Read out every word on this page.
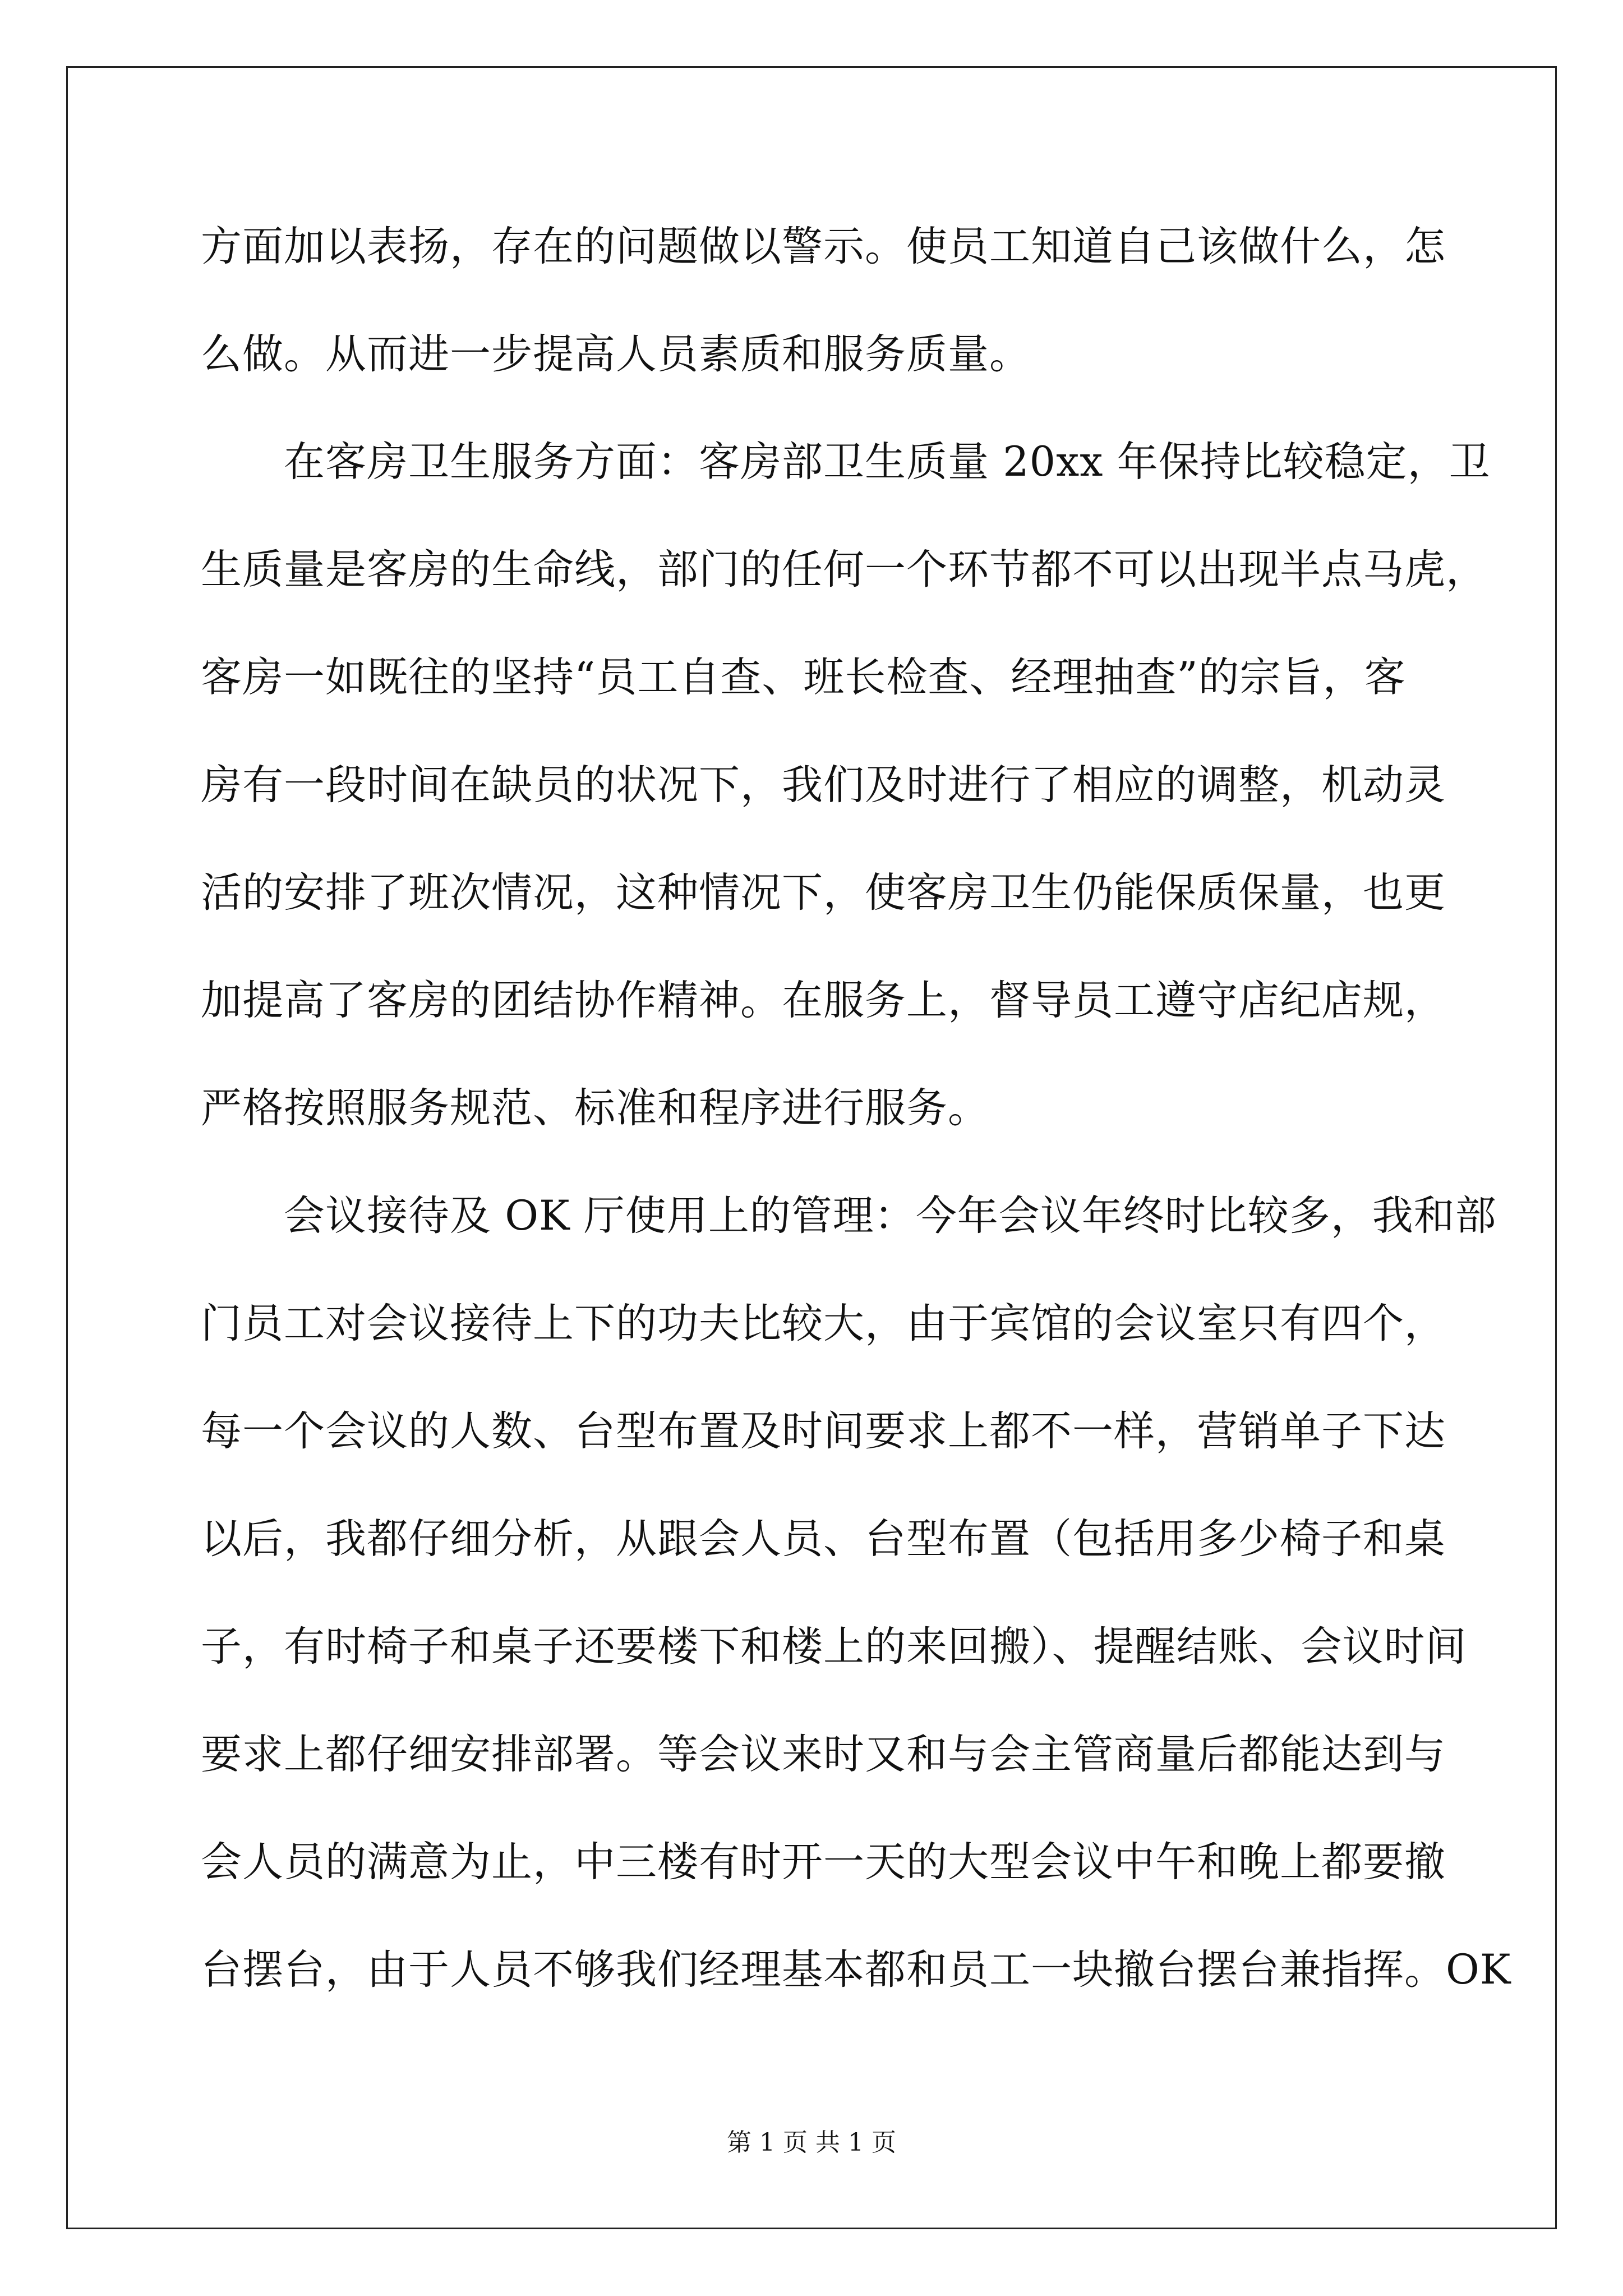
方面加以表扬，存在的问题做以警示。使员工知道自己该做什么，怎
么做。从而进一步提高人员素质和服务质量。
在客房卫生服务方面：客房部卫生质量 20xx 年保持比较稳定，卫
生质量是客房的生命线，部门的任何一个环节都不可以出现半点马虎，
客房一如既往的坚持“员工自查、班长检查、经理抽查”的宗旨，客
房有一段时间在缺员的状况下，我们及时进行了相应的调整，机动灵
活的安排了班次情况，这种情况下，使客房卫生仍能保质保量，也更
加提高了客房的团结协作精神。在服务上，督导员工遵守店纪店规，
严格按照服务规范、标准和程序进行服务。
会议接待及 OK 厅使用上的管理：今年会议年终时比较多，我和部
门员工对会议接待上下的功夫比较大，由于宾馆的会议室只有四个，
每一个会议的人数、台型布置及时间要求上都不一样，营销单子下达
以后，我都仔细分析，从跟会人员、台型布置（包括用多少椅子和桌
子，有时椅子和桌子还要楼下和楼上的来回搬）、提醒结账、会议时间
要求上都仔细安排部署。等会议来时又和与会主管商量后都能达到与
会人员的满意为止，中三楼有时开一天的大型会议中午和晚上都要撤
台摆台，由于人员不够我们经理基本都和员工一块撤台摆台兼指挥。OK
第 1 页 共 1 页
